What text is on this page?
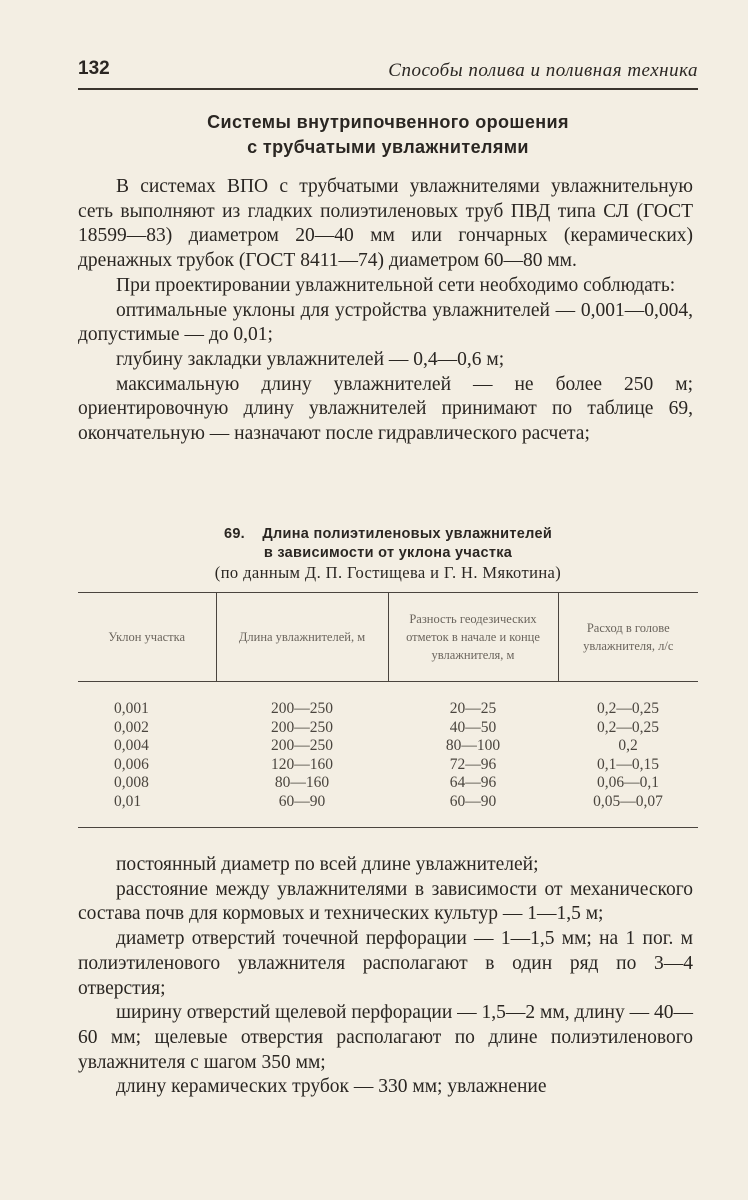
132	Способы полива и поливная техника
Системы внутрипочвенного орошения
с трубчатыми увлажнителями

В системах ВПО с трубчатыми увлажнителями увлажнительную сеть выполняют из гладких полиэтиленовых труб ПВД типа СЛ (ГОСТ 18599—83) диаметром 20—40 мм или гончарных (керамических) дренажных трубок (ГОСТ 8411—74) диаметром 60—80 мм.

При проектировании увлажнительной сети необходимо соблюдать:

оптимальные уклоны для устройства увлажнителей — 0,001—0,004, допустимые — до 0,01;

глубину закладки увлажнителей — 0,4—0,6 м;

максимальную длину увлажнителей — не более 250 м; ориентировочную длину увлажнителей принимают по таблице 69, окончательную — назначают после гидравлического расчета;

69. Длина полиэтиленовых увлажнителей
в зависимости от уклона участка
(по данным Д. П. Гостищева и Г. Н. Мякотина)
Уклон участка	Длина увлажнителей, м	Разность геодезических отметок в начале и конце увлажнителя, м	Расход в голове увлажнителя, л/с
0,001	200—250	20—25	0,2—0,25
0,002	200—250	40—50	0,2—0,25
0,004	200—250	80—100	0,2
0,006	120—160	72—96	0,1—0,15
0,008	80—160	64—96	0,06—0,1
0,01	60—90	60—90	0,05—0,07

постоянный диаметр по всей длине увлажнителей;

расстояние между увлажнителями в зависимости от механического состава почв для кормовых и технических культур — 1—1,5 м;

диаметр отверстий точечной перфорации — 1—1,5 мм; на 1 пог. м полиэтиленового увлажнителя располагают в один ряд по 3—4 отверстия;

ширину отверстий щелевой перфорации — 1,5—2 мм, длину — 40—60 мм; щелевые отверстия располагают по длине полиэтиленового увлажнителя с шагом 350 мм;

длину керамических трубок — 330 мм; увлажнение
